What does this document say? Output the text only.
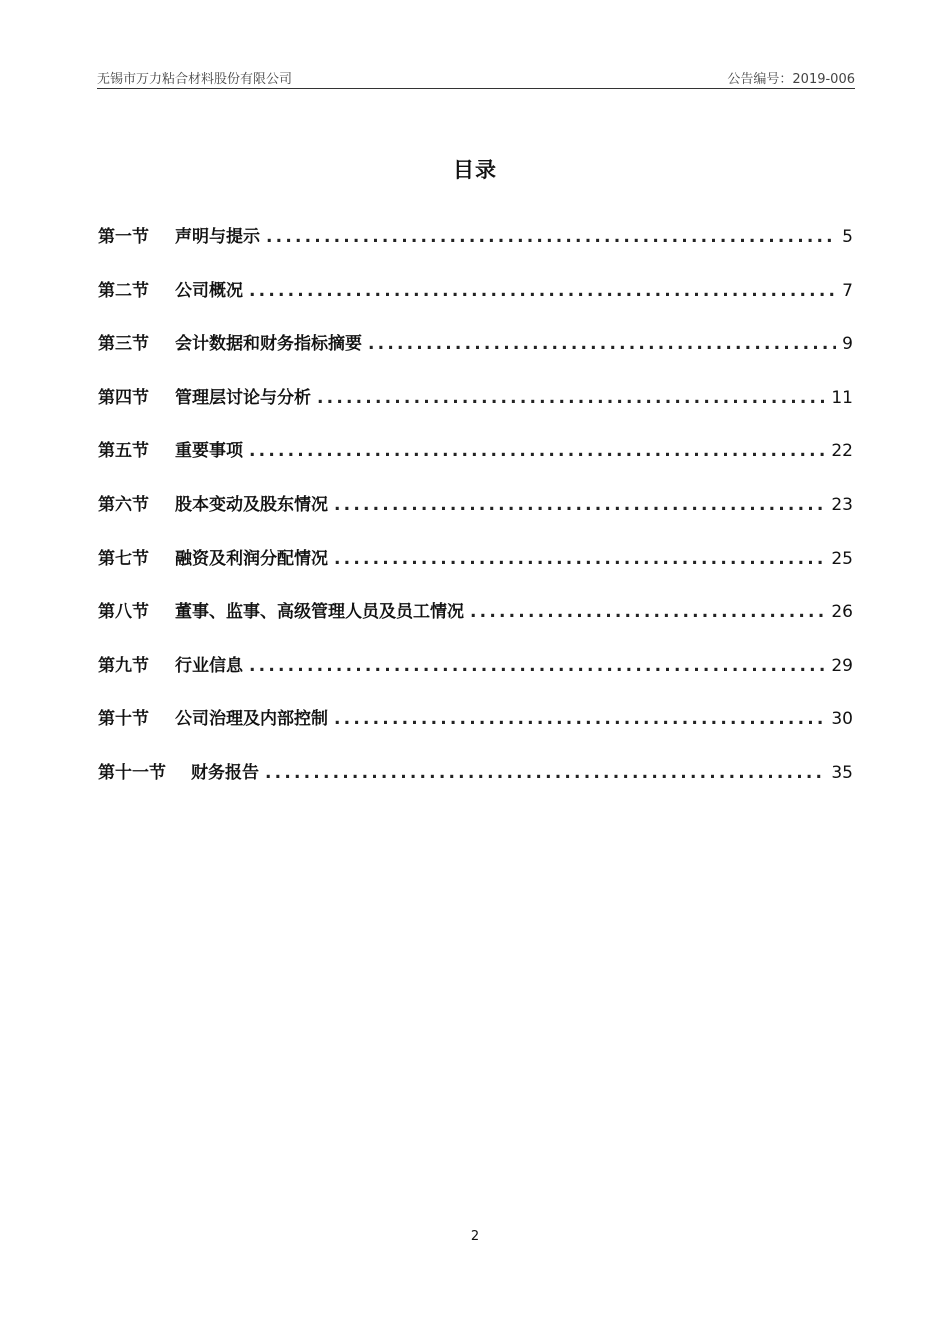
无锡市万力粘合材料股份有限公司	公告编号：2019-006
目录
第一节 声明与提示 .....	5
第二节 公司概况 .....	7
第三节 会计数据和财务指标摘要 .....	9
第四节 管理层讨论与分析 .....	11
第五节 重要事项 .....	22
第六节 股本变动及股东情况 .....	23
第七节 融资及利润分配情况 .....	25
第八节 董事、监事、高级管理人员及员工情况 .....	26
第九节 行业信息 .....	29
第十节 公司治理及内部控制 .....	30
第十一节 财务报告 .....	35
2
